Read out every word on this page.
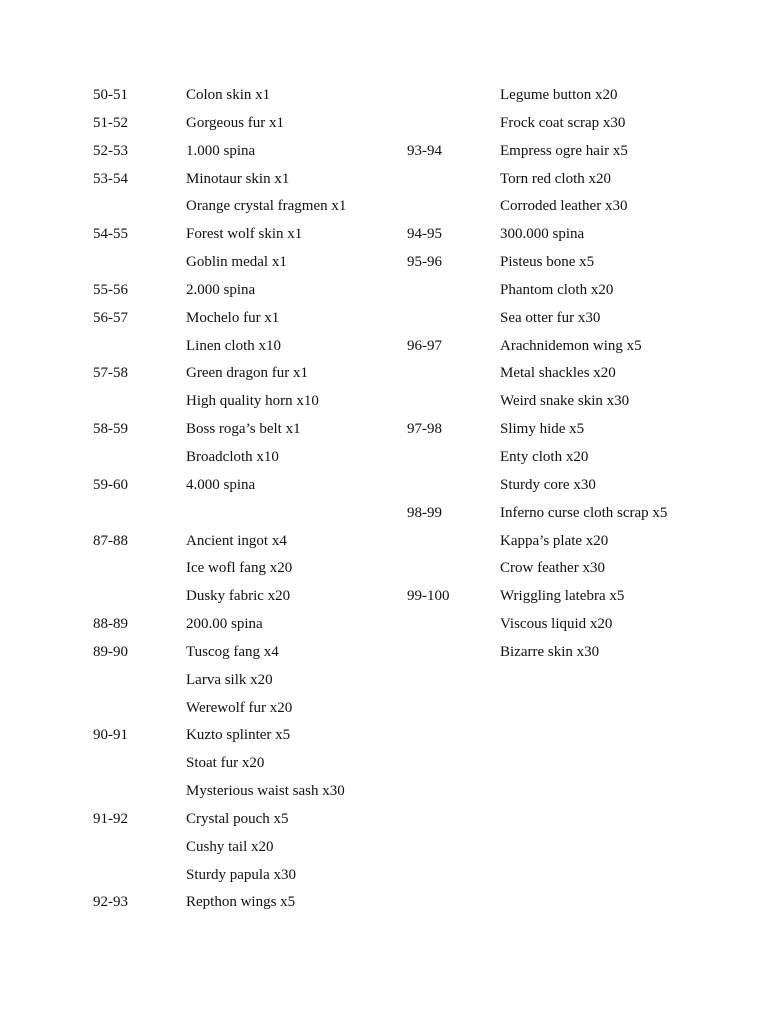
50-51	Colon skin x1
51-52	Gorgeous fur x1
52-53	1.000 spina
53-54	Minotaur skin x1
Orange crystal fragmen x1
54-55	Forest wolf skin x1
Goblin medal x1
55-56	2.000 spina
56-57	Mochelo fur x1
Linen cloth x10
57-58	Green dragon fur x1
High quality horn x10
58-59	Boss roga’s belt x1
Broadcloth x10
59-60	4.000 spina
87-88	Ancient ingot x4
Ice wofl fang x20
Dusky fabric x20
88-89	200.00 spina
89-90	Tuscog fang x4
Larva silk x20
Werewolf fur x20
90-91	Kuzto splinter x5
Stoat fur x20
Mysterious waist sash x30
91-92	Crystal pouch x5
Cushy tail x20
Sturdy papula x30
92-93	Repthon wings x5
Legume button x20
Frock coat scrap x30
93-94	Empress ogre hair x5
Torn red cloth x20
Corroded leather x30
94-95	300.000 spina
95-96	Pisteus bone x5
Phantom cloth x20
Sea otter fur x30
96-97	Arachnidemon wing x5
Metal shackles x20
Weird snake skin x30
97-98	Slimy hide x5
Enty cloth x20
Sturdy core x30
98-99	Inferno curse cloth scrap x5
Kappa’s plate x20
Crow feather x30
99-100	Wriggling latebra x5
Viscous liquid x20
Bizarre skin x30
